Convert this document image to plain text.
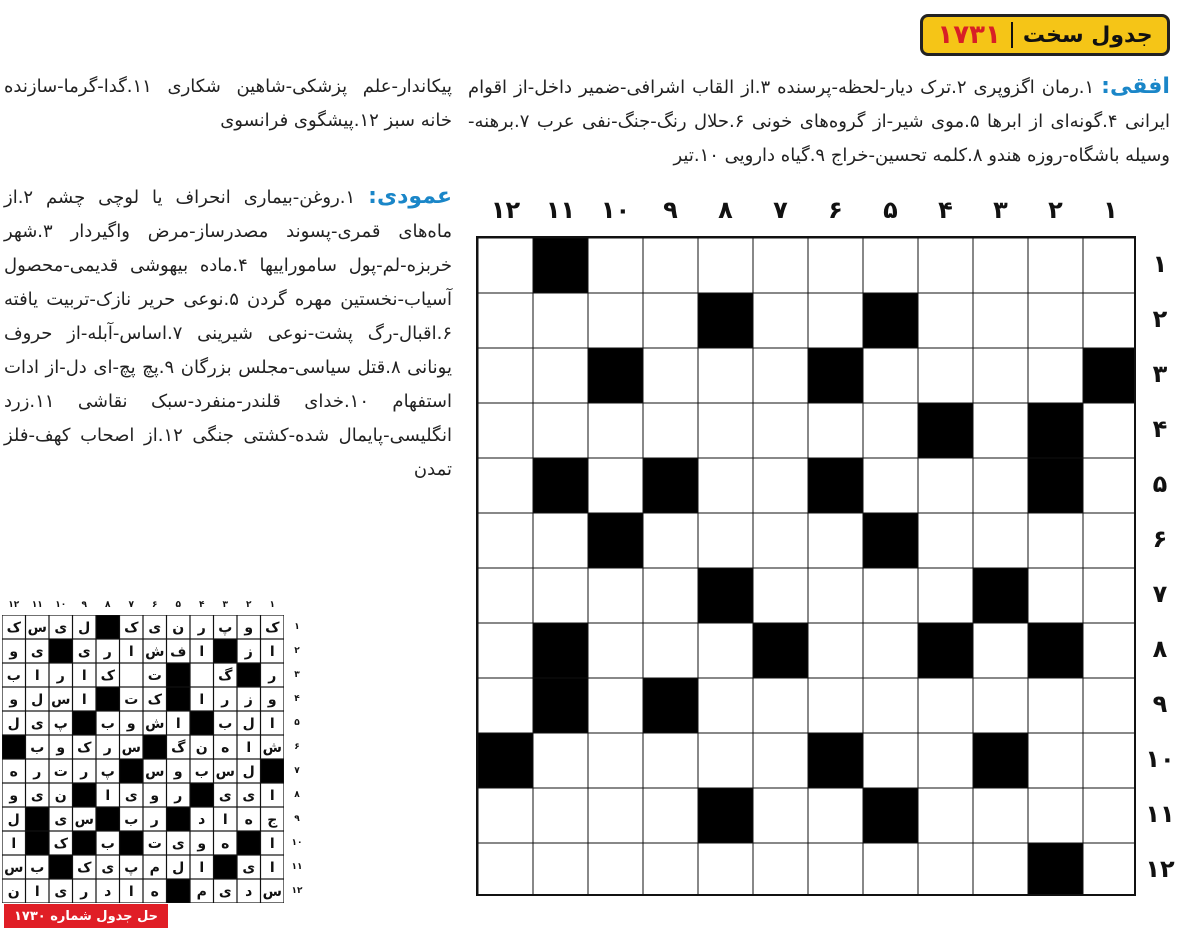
جدول سخت
۱۷۳۱
افقی: ۱.رمان اگزوپری ۲.ترک دیار-لحظه-پرسنده ۳.از القاب اشرافی-ضمیر داخل-از اقوام ایرانی ۴.گونه‌ای از ابرها ۵.موی شیر-از گروه‌های خونی ۶.حلال رنگ-جنگ-نفی عرب ۷.برهنه-وسیله باشگاه-روزه هندو ۸.کلمه تحسین-خراج ۹.گیاه دارویی ۱۰.تیر
پیکاندار-علم پزشکی-شاهین شکاری ۱۱.گدا-گرما-سازنده خانه سبز ۱۲.پیشگوی فرانسوی
عمودی: ۱.روغن-بیماری انحراف یا لوچی چشم ۲.از ماه‌های قمری-پسوند مصدرساز-مرض واگیردار ۳.شهر خربزه-لم-پول ساموراییها ۴.ماده بیهوشی قدیمی-محصول آسیاب-نخستین مهره گردن ۵.نوعی حریر نازک-تربیت یافته ۶.اقبال-رگ پشت-نوعی شیرینی ۷.اساس-آبله-از حروف یونانی ۸.قتل سیاسی-مجلس بزرگان ۹.پچ پچ-ای دل-از ادات استفهام ۱۰.خدای قلندر-منفرد-سبک نقاشی ۱۱.زرد انگلیسی-پایمال شده-کشتی جنگی ۱۲.از اصحاب کهف-فلز تمدن
۱
۲
۳
۴
۵
۶
۷
۸
۹
۱۰
۱۱
۱۲
۱
۲
۳
۴
۵
۶
۷
۸
۹
۱۰
۱۱
۱۲
۱
۲
۳
۴
۵
۶
۷
۸
۹
۱۰
۱۱
۱۲
۱
۲
۳
۴
۵
۶
۷
۸
۹
۱۰
۱۱
۱۲
ک
و
پ
ر
ن
ی
ک
ل
ی
س
ک
ا
ز
ا
ف
ش
ا
ر
ی
ی
و
ر
گ
ت
ک
ا
ر
ا
ب
و
ز
ر
ا
ک
ت
ا
س
ل
و
ا
ل
ب
ا
ش
و
ب
پ
ی
ل
ش
ا
ه
ن
گ
س
ر
ک
و
ب
ل
س
ب
و
س
پ
ر
ت
ر
ه
ا
ی
ی
ر
و
ی
ا
ن
ی
و
ج
ه
ا
د
ر
ب
س
ی
ل
ا
ه
و
ی
ت
ب
ک
ا
ا
ی
ا
ل
م
پ
ی
ک
ب
س
س
د
ی
م
ه
ا
د
ر
ی
ا
ن
حل جدول شماره ۱۷۳۰
